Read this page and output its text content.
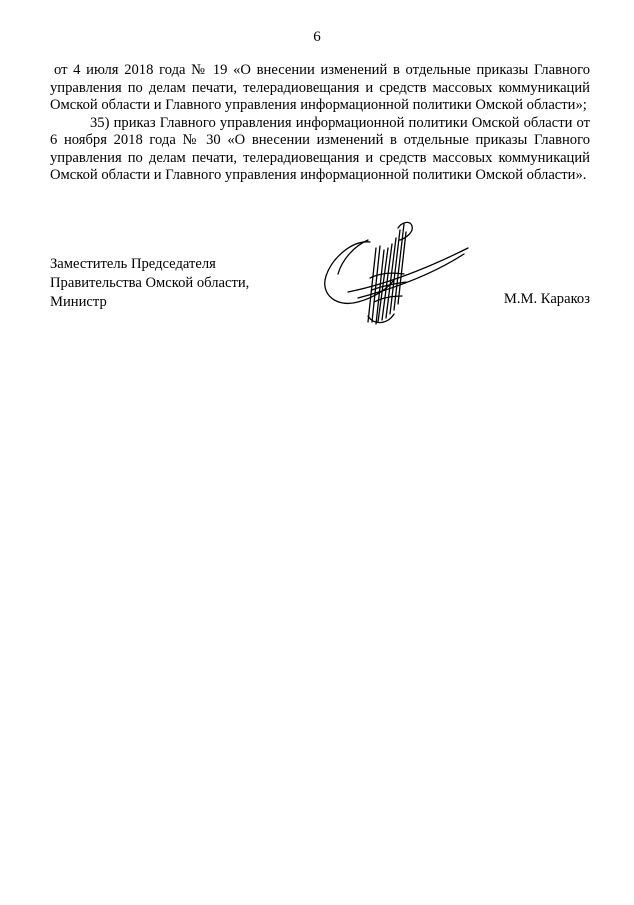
6

от 4 июля 2018 года № 19 «О внесении изменений в отдельные приказы Главного управления по делам печати, телерадиовещания и средств массовых коммуникаций Омской области и Главного управления информационной политики Омской области»;

35) приказ Главного управления информационной политики Омской области от 6 ноября 2018 года № 30 «О внесении изменений в отдельные приказы Главного управления по делам печати, телерадиовещания и средств массовых коммуникаций Омской области и Главного управления информационной политики Омской области».

Заместитель Председателя
Правительства Омской области,
Министр	М.М. Каракоз
